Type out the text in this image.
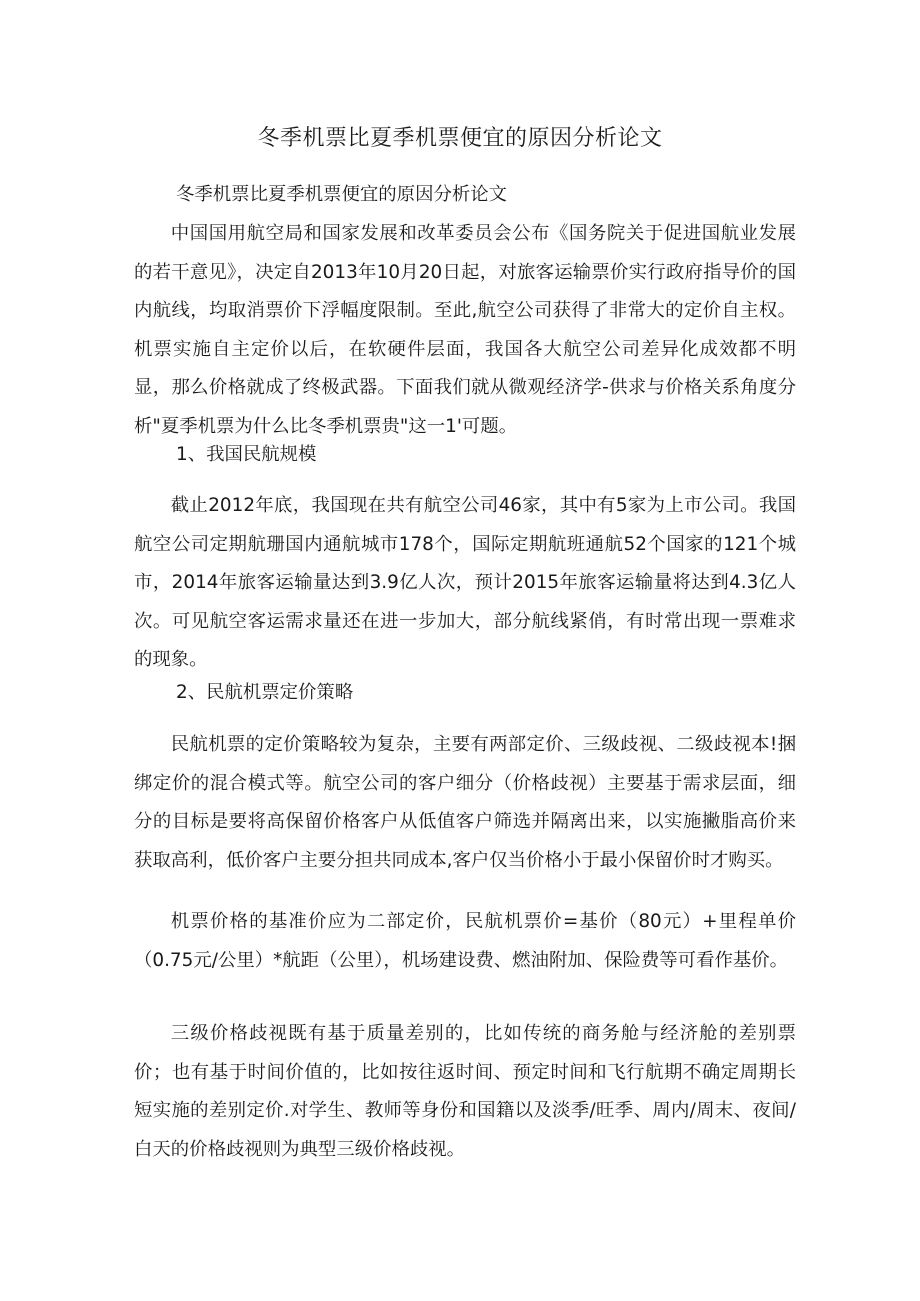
冬季机票比夏季机票便宜的原因分析论文

冬季机票比夏季机票便宜的原因分析论文

中国国用航空局和国家发展和改革委员会公布《国务院关于促进国航业发展的若干意见》，决定自2013年10月20日起，对旅客运输票价实行政府指导价的国内航线，均取消票价下浮幅度限制。至此,航空公司获得了非常大的定价自主权。机票实施自主定价以后，在软硬件层面，我国各大航空公司差异化成效都不明显，那么价格就成了终极武器。下面我们就从微观经济学-供求与价格关系角度分析"夏季机票为什么比冬季机票贵"这一1'可题。

1、我国民航规模

截止2012年底，我国现在共有航空公司46家，其中有5家为上市公司。我国航空公司定期航珊国内通航城市178个，国际定期航班通航52个国家的121个城市，2014年旅客运输量达到3.9亿人次，预计2015年旅客运输量将达到4.3亿人次。可见航空客运需求量还在进一步加大，部分航线紧俏，有时常出现一票难求的现象。

2、民航机票定价策略

民航机票的定价策略较为复杂，主要有两部定价、三级歧视、二级歧视本!捆绑定价的混合模式等。航空公司的客户细分（价格歧视）主要基于需求层面，细分的目标是要将高保留价格客户从低值客户筛选并隔离出来，以实施撇脂高价来获取高利，低价客户主要分担共同成本,客户仅当价格小于最小保留价时才购买。

机票价格的基准价应为二部定价，民航机票价=基价（80元）+里程单价（0.75元/公里）*航距（公里），机场建设费、燃油附加、保险费等可看作基价。

三级价格歧视既有基于质量差别的，比如传统的商务舱与经济舱的差别票价；也有基于时间价值的，比如按往返时间、预定时间和飞行航期不确定周期长短实施的差别定价.对学生、教师等身份和国籍以及淡季/旺季、周内/周末、夜间/白天的价格歧视则为典型三级价格歧视。
